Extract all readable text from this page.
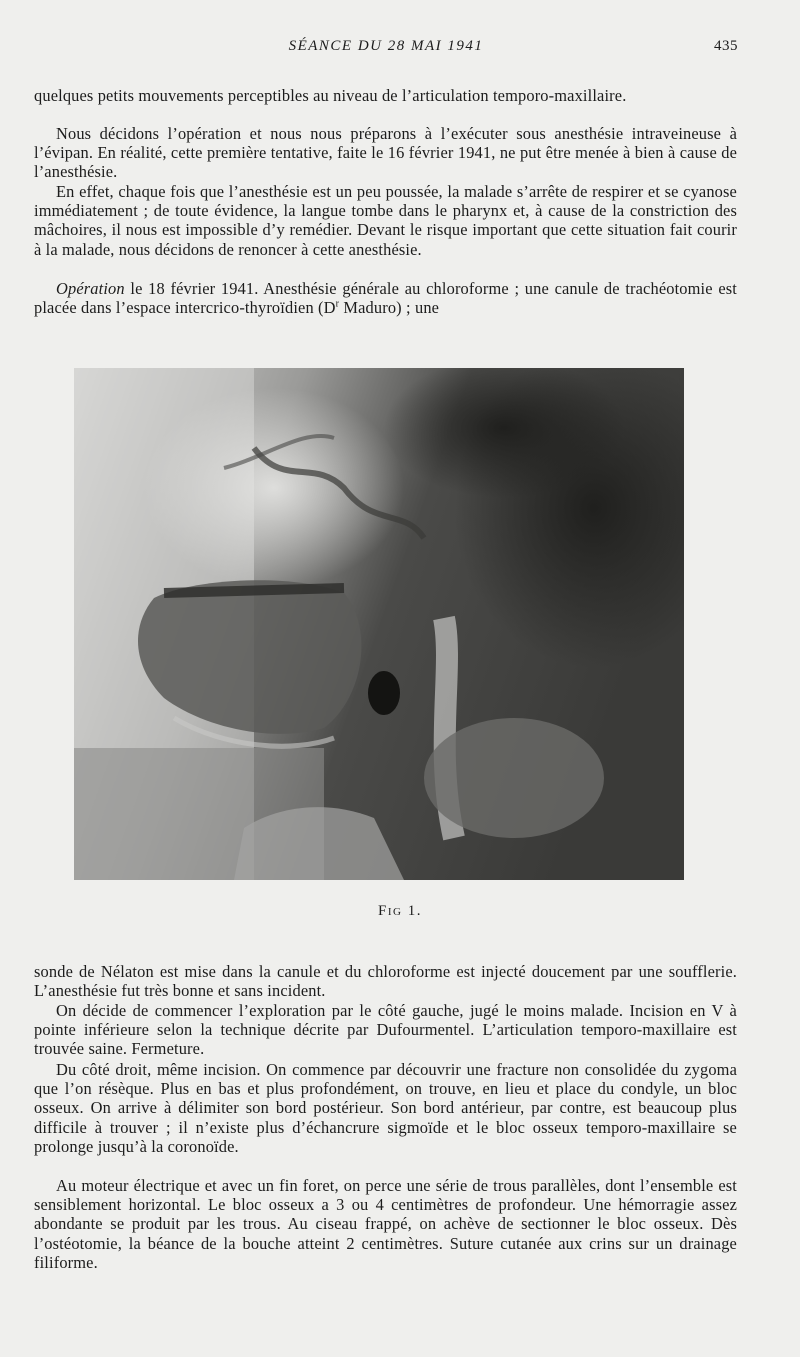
SÉANCE DU 28 MAI 1941	435

quelques petits mouvements perceptibles au niveau de l’articulation temporo-maxillaire.

Nous décidons l’opération et nous nous préparons à l’exécuter sous anesthésie intraveineuse à l’évipan. En réalité, cette première tentative, faite le 16 février 1941, ne put être menée à bien à cause de l’anesthésie.

En effet, chaque fois que l’anesthésie est un peu poussée, la malade s’arrête de respirer et se cyanose immédiatement ; de toute évidence, la langue tombe dans le pharynx et, à cause de la constriction des mâchoires, il nous est impossible d’y remédier. Devant le risque important que cette situation fait courir à la malade, nous décidons de renoncer à cette anesthésie.

Opération le 18 février 1941. Anesthésie générale au chloroforme ; une canule de trachéotomie est placée dans l’espace intercrico-thyroïdien ($D^r$ Maduro) ; une

Fig 1.

sonde de Nélaton est mise dans la canule et du chloroforme est injecté doucement par une soufflerie. L’anesthésie fut très bonne et sans incident.

On décide de commencer l’exploration par le côté gauche, jugé le moins malade. Incision en V à pointe inférieure selon la technique décrite par Dufourmentel. L’articulation temporo-maxillaire est trouvée saine. Fermeture.

Du côté droit, même incision. On commence par découvrir une fracture non consolidée du zygoma que l’on résèque. Plus en bas et plus profondément, on trouve, en lieu et place du condyle, un bloc osseux. On arrive à délimiter son bord postérieur. Son bord antérieur, par contre, est beaucoup plus difficile à trouver ; il n’existe plus d’échancrure sigmoïde et le bloc osseux temporo-maxillaire se prolonge jusqu’à la coronoïde.

Au moteur électrique et avec un fin foret, on perce une série de trous parallèles, dont l’ensemble est sensiblement horizontal. Le bloc osseux a 3 ou 4 centimètres de profondeur. Une hémorragie assez abondante se produit par les trous. Au ciseau frappé, on achève de sectionner le bloc osseux. Dès l’ostéotomie, la béance de la bouche atteint 2 centimètres. Suture cutanée aux crins sur un drainage filiforme.
